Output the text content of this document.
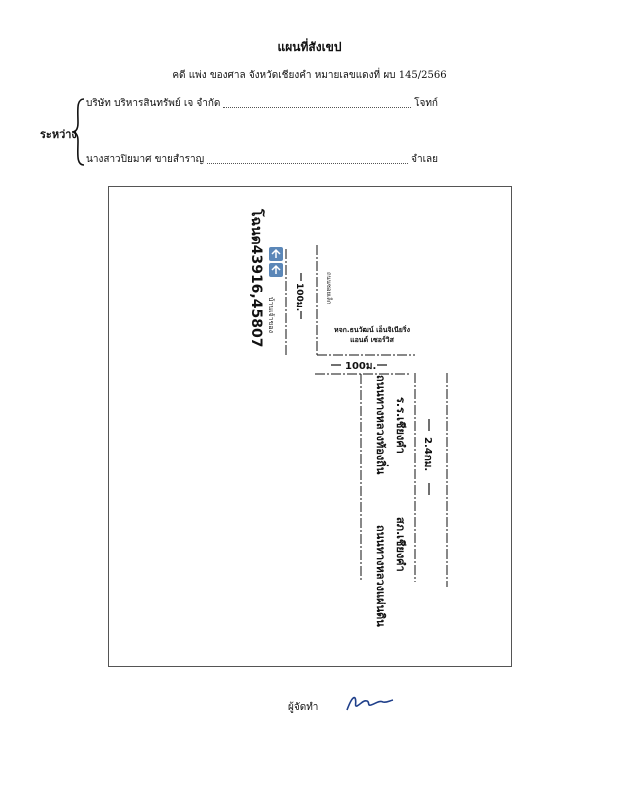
แผนที่สังเขป
คดี แพ่ง ของศาล จังหวัดเชียงคำ หมายเลขแดงที่ ผบ 145/2566
บริษัท บริหารสินทรัพย์ เจ จำกัด	โจทก์
ระหว่าง
นางสาวปิยมาศ ขายสำราญ	จำเลย
โฉนด43916,45807 บ้านเจ้าของ 100ม.	ถนนซอยเล็ก
หจก.ธนวัฒน์ เอ็นจิเนียริ่ง แอนด์ เซอร์วิส
100ม.
ถนนทางหลวงท้องถิ่น ร.ร.เชียงคำ
2.4กม.
ถนนทางหลวงแผ่นดิน สภ.เชียงคำ
ผู้จัดทำ
